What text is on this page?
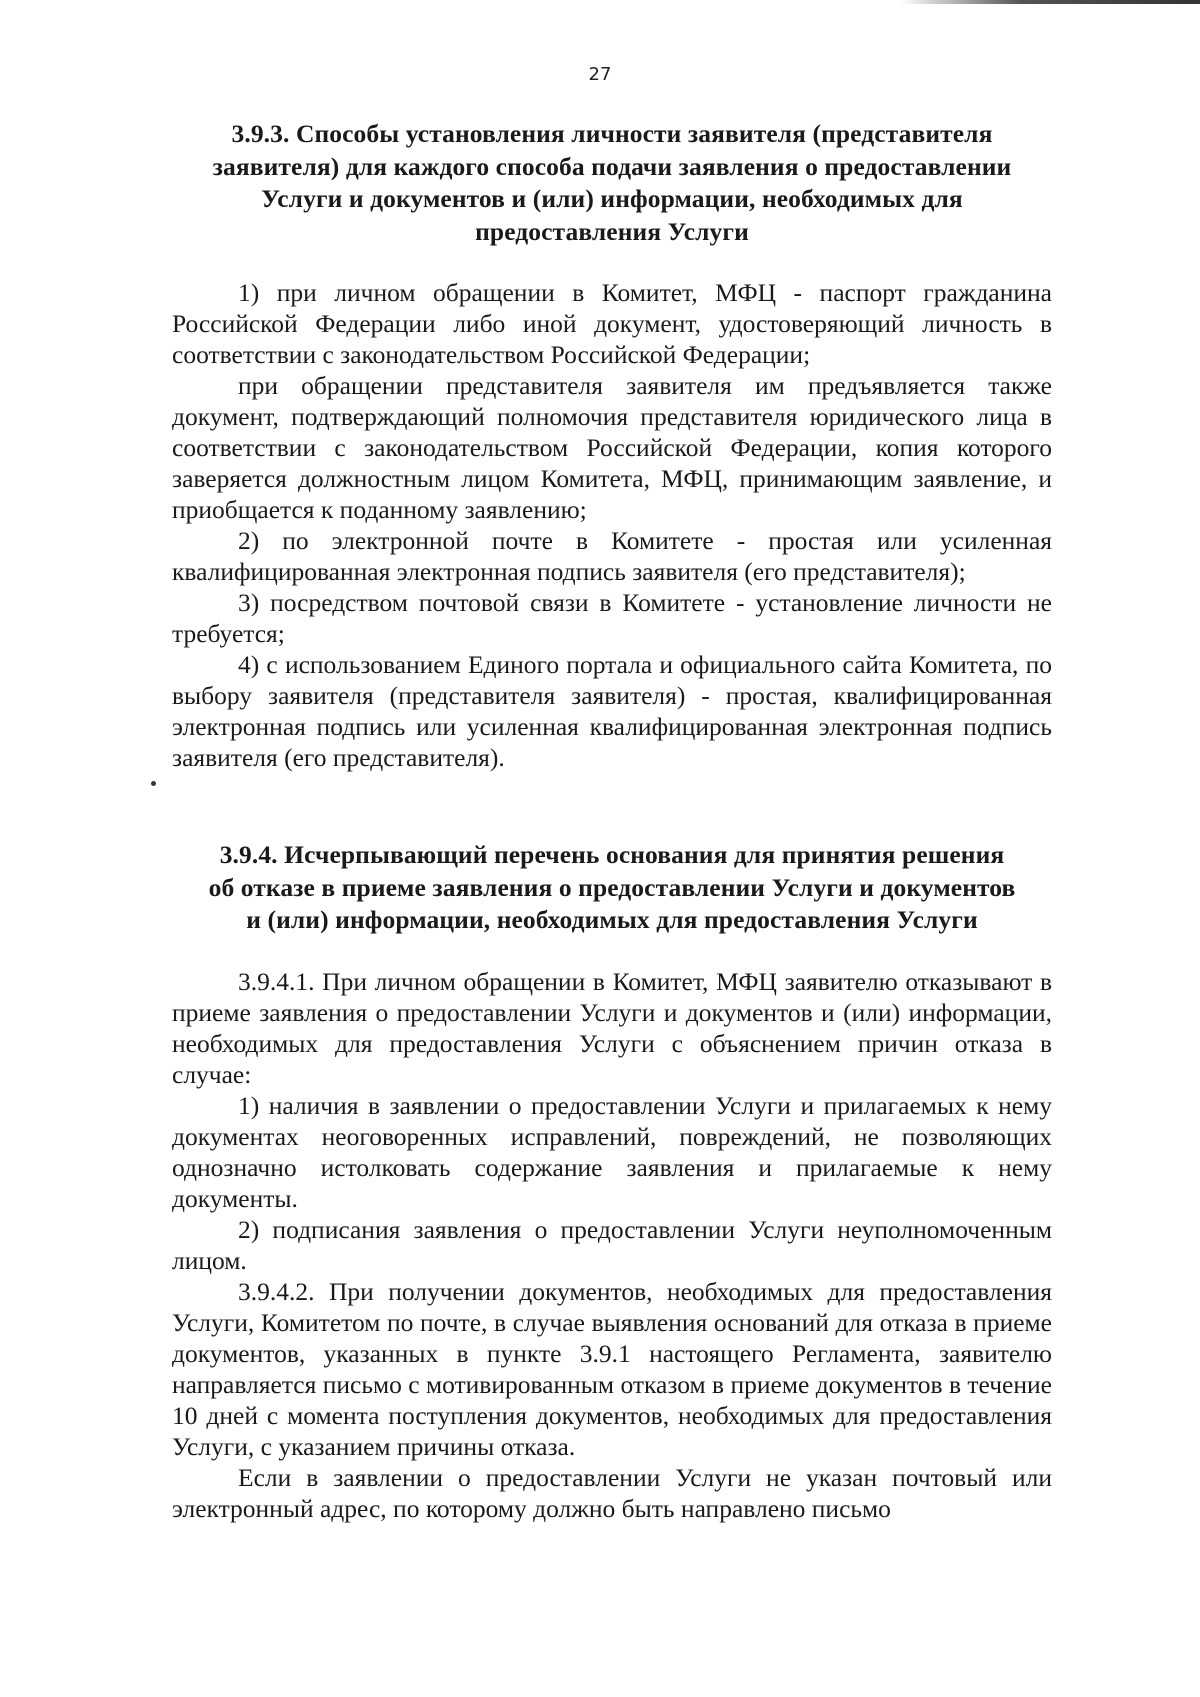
27
3.9.3. Способы установления личности заявителя (представителя
заявителя) для каждого способа подачи заявления о предоставлении
Услуги и документов и (или) информации, необходимых для
предоставления Услуги

1) при личном обращении в Комитет, МФЦ - паспорт гражданина Российской Федерации либо иной документ, удостоверяющий личность в соответствии с законодательством Российской Федерации;

при обращении представителя заявителя им предъявляется также документ, подтверждающий полномочия представителя юридического лица в соответствии с законодательством Российской Федерации, копия которого заверяется должностным лицом Комитета, МФЦ, принимающим заявление, и приобщается к поданному заявлению;

2) по электронной почте в Комитете - простая или усиленная квалифицированная электронная подпись заявителя (его представителя);

3) посредством почтовой связи в Комитете - установление личности не требуется;

4) с использованием Единого портала и официального сайта Комитета, по выбору заявителя (представителя заявителя) - простая, квалифицированная электронная подпись или усиленная квалифицированная электронная подпись заявителя (его представителя).

3.9.4. Исчерпывающий перечень основания для принятия решения
об отказе в приеме заявления о предоставлении Услуги и документов
и (или) информации, необходимых для предоставления Услуги

3.9.4.1. При личном обращении в Комитет, МФЦ заявителю отказывают в приеме заявления о предоставлении Услуги и документов и (или) информации, необходимых для предоставления Услуги с объяснением причин отказа в случае:

1) наличия в заявлении о предоставлении Услуги и прилагаемых к нему документах неоговоренных исправлений, повреждений, не позволяющих однозначно истолковать содержание заявления и прилагаемые к нему документы.

2) подписания заявления о предоставлении Услуги неуполномоченным лицом.

3.9.4.2. При получении документов, необходимых для предоставления Услуги, Комитетом по почте, в случае выявления оснований для отказа в приеме документов, указанных в пункте 3.9.1 настоящего Регламента, заявителю направляется письмо с мотивированным отказом в приеме документов в течение 10 дней с момента поступления документов, необходимых для предоставления Услуги, с указанием причины отказа.

Если в заявлении о предоставлении Услуги не указан почтовый или электронный адрес, по которому должно быть направлено письмо
